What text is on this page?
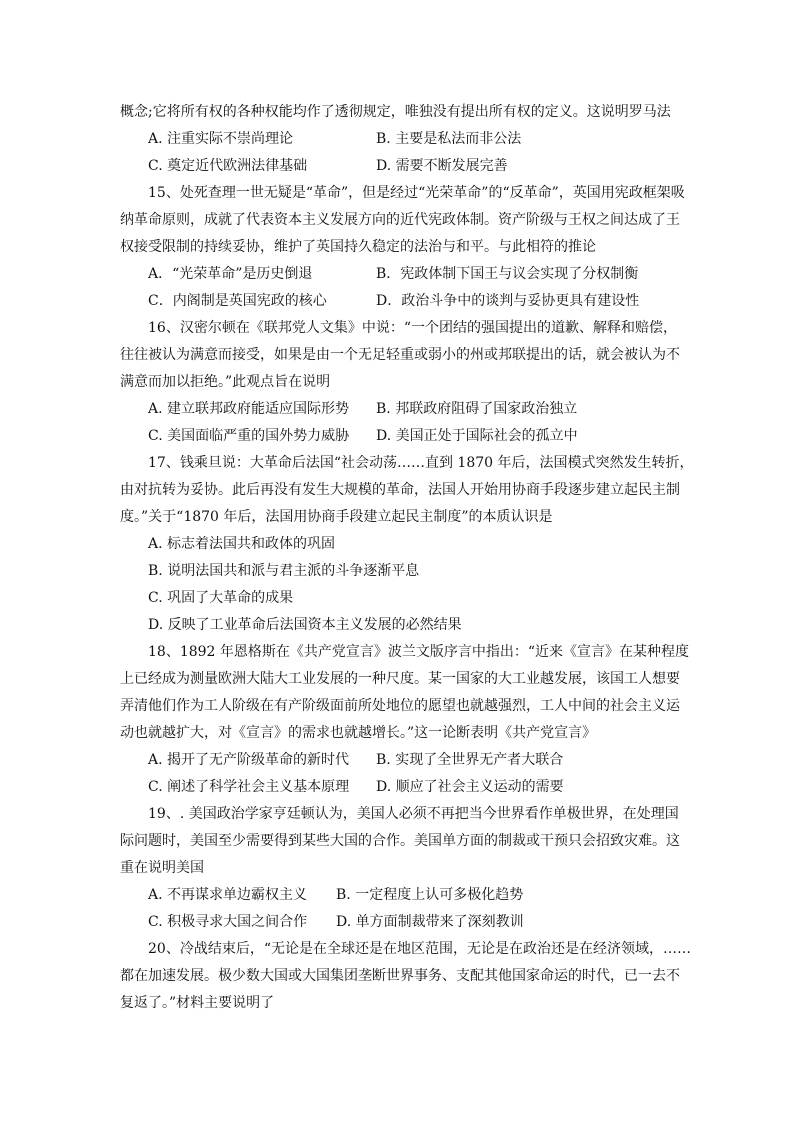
概念;它将所有权的各种权能均作了透彻规定，唯独没有提出所有权的定义。这说明罗马法
A. 注重实际不崇尚理论	B. 主要是私法而非公法
C. 奠定近代欧洲法律基础	D. 需要不断发展完善
15、处死查理一世无疑是“革命”，但是经过“光荣革命”的“反革命”，英国用宪政框架吸
纳革命原则，成就了代表资本主义发展方向的近代宪政体制。资产阶级与王权之间达成了王
权接受限制的持续妥协，维护了英国持久稳定的法治与和平。与此相符的推论
A．“光荣革命”是历史倒退	B．宪政体制下国王与议会实现了分权制衡
C．内阁制是英国宪政的核心	D．政治斗争中的谈判与妥协更具有建设性
16、汉密尔顿在《联邦党人文集》中说：“一个团结的强国提出的道歉、解释和赔偿，
往往被认为满意而接受，如果是由一个无足轻重或弱小的州或邦联提出的话，就会被认为不
满意而加以拒绝。”此观点旨在说明
A. 建立联邦政府能适应国际形势 B. 邦联政府阻碍了国家政治独立
C. 美国面临严重的国外势力威胁 D. 美国正处于国际社会的孤立中
17、钱乘旦说：大革命后法国“社会动荡……直到 1870 年后，法国模式突然发生转折，
由对抗转为妥协。此后再没有发生大规模的革命，法国人开始用协商手段逐步建立起民主制
度。”关于“1870 年后，法国用协商手段建立起民主制度”的本质认识是
A. 标志着法国共和政体的巩固
B. 说明法国共和派与君主派的斗争逐渐平息
C. 巩固了大革命的成果
D. 反映了工业革命后法国资本主义发展的必然结果
18、1892 年恩格斯在《共产党宣言》波兰文版序言中指出：“近来《宣言》在某种程度
上已经成为测量欧洲大陆大工业发展的一种尺度。某一国家的大工业越发展，该国工人想要
弄清他们作为工人阶级在有产阶级面前所处地位的愿望也就越强烈，工人中间的社会主义运
动也就越扩大，对《宣言》的需求也就越增长。”这一论断表明《共产党宣言》
A. 揭开了无产阶级革命的新时代 B. 实现了全世界无产者大联合
C. 阐述了科学社会主义基本原理 D. 顺应了社会主义运动的需要
19、. 美国政治学家亨廷顿认为，美国人必须不再把当今世界看作单极世界，在处理国
际问题时，美国至少需要得到某些大国的合作。美国单方面的制裁或干预只会招致灾难。这
重在说明美国
A. 不再谋求单边霸权主义 B. 一定程度上认可多极化趋势
C. 积极寻求大国之间合作 D. 单方面制裁带来了深刻教训
20、冷战结束后，“无论是在全球还是在地区范围，无论是在政治还是在经济领域，……
都在加速发展。极少数大国或大国集团垄断世界事务、支配其他国家命运的时代，已一去不
复返了。”材料主要说明了
